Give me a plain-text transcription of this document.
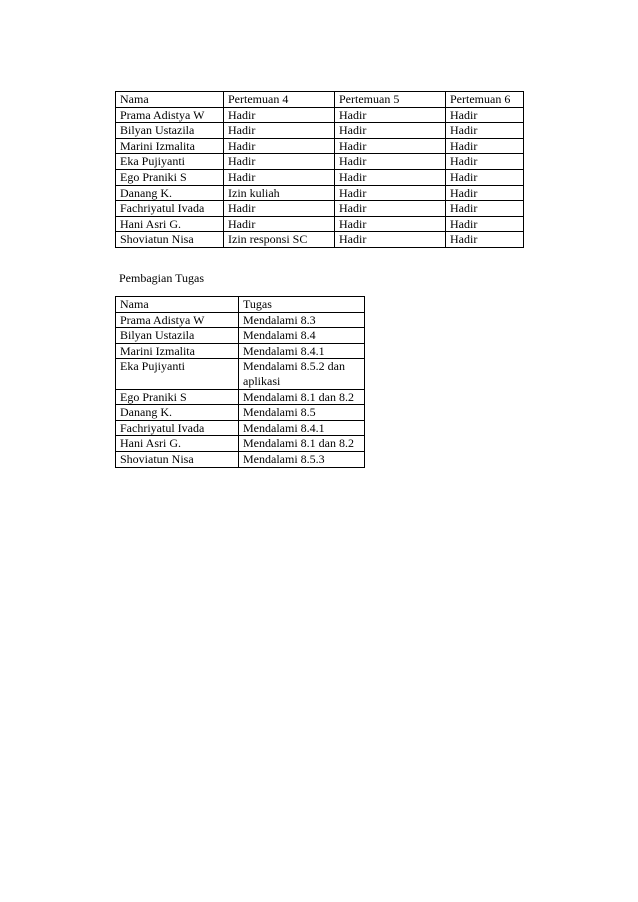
Nama	Pertemuan 4	Pertemuan 5	Pertemuan 6
Prama Adistya W	Hadir	Hadir	Hadir
Bilyan Ustazila	Hadir	Hadir	Hadir
Marini Izmalita	Hadir	Hadir	Hadir
Eka Pujiyanti	Hadir	Hadir	Hadir
Ego Praniki S	Hadir	Hadir	Hadir
Danang K.	Izin kuliah	Hadir	Hadir
Fachriyatul Ivada	Hadir	Hadir	Hadir
Hani Asri G.	Hadir	Hadir	Hadir
Shoviatun Nisa	Izin responsi SC	Hadir	Hadir
Pembagian Tugas
Nama	Tugas
Prama Adistya W	Mendalami 8.3
Bilyan Ustazila	Mendalami 8.4
Marini Izmalita	Mendalami 8.4.1
Eka Pujiyanti	Mendalami 8.5.2 dan aplikasi
Ego Praniki S	Mendalami 8.1 dan 8.2
Danang K.	Mendalami 8.5
Fachriyatul Ivada	Mendalami 8.4.1
Hani Asri G.	Mendalami 8.1 dan 8.2
Shoviatun Nisa	Mendalami 8.5.3
